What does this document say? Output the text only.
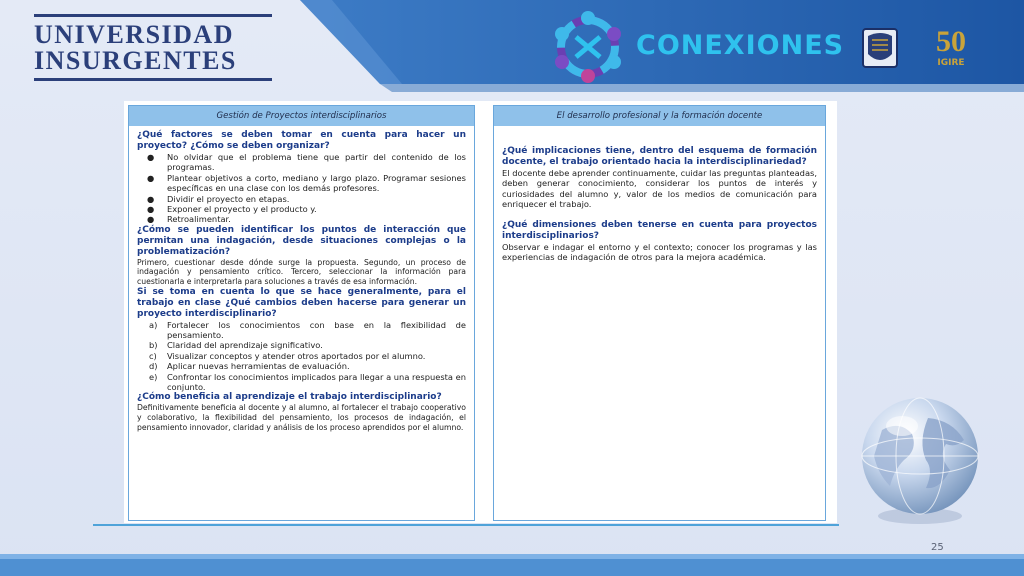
UNIVERSIDAD
INSURGENTES	CONEXIONES	50
IGIRE
Gestión de Proyectos interdisciplinarios
¿Qué factores se deben tomar en cuenta para hacer un proyecto? ¿Cómo se deben organizar?
● No olvidar que el problema tiene que partir del contenido de los programas.
● Plantear objetivos a corto, mediano y largo plazo. Programar sesiones específicas en una clase con los demás profesores.
● Dividir el proyecto en etapas.
● Exponer el proyecto y el producto y.
● Retroalimentar.
¿Cómo se pueden identificar los puntos de interacción que permitan una indagación, desde situaciones complejas o la problematización?
Primero, cuestionar desde dónde surge la propuesta. Segundo, un proceso de indagación y pensamiento crítico. Tercero, seleccionar la información para cuestionarla e interpretarla para soluciones a través de esa información.
Si se toma en cuenta lo que se hace generalmente, para el trabajo en clase ¿Qué cambios deben hacerse para generar un proyecto interdisciplinario?
a) Fortalecer los conocimientos con base en la flexibilidad de pensamiento.
b) Claridad del aprendizaje significativo.
c) Visualizar conceptos y atender otros aportados por el alumno.
d) Aplicar nuevas herramientas de evaluación.
e) Confrontar los conocimientos implicados para llegar a una respuesta en conjunto.
¿Cómo beneficia al aprendizaje el trabajo interdisciplinario?
Definitivamente beneficia al docente y al alumno, al fortalecer el trabajo cooperativo y colaborativo, la flexibilidad del pensamiento, los procesos de indagación, el pensamiento innovador, claridad y análisis de los proceso aprendidos por el alumno.
El desarrollo profesional y la formación docente
¿Qué implicaciones tiene, dentro del esquema de formación docente, el trabajo orientado hacia la interdisciplinariedad?
El docente debe aprender continuamente, cuidar las preguntas planteadas, deben generar conocimiento, considerar los puntos de interés y curiosidades del alumno y, valor de los medios de comunicación para enriquecer el trabajo.
¿Qué dimensiones deben tenerse en cuenta para proyectos interdisciplinarios?
Observar e indagar el entorno y el contexto; conocer los programas y las experiencias de indagación de otros para la mejora académica.
25
